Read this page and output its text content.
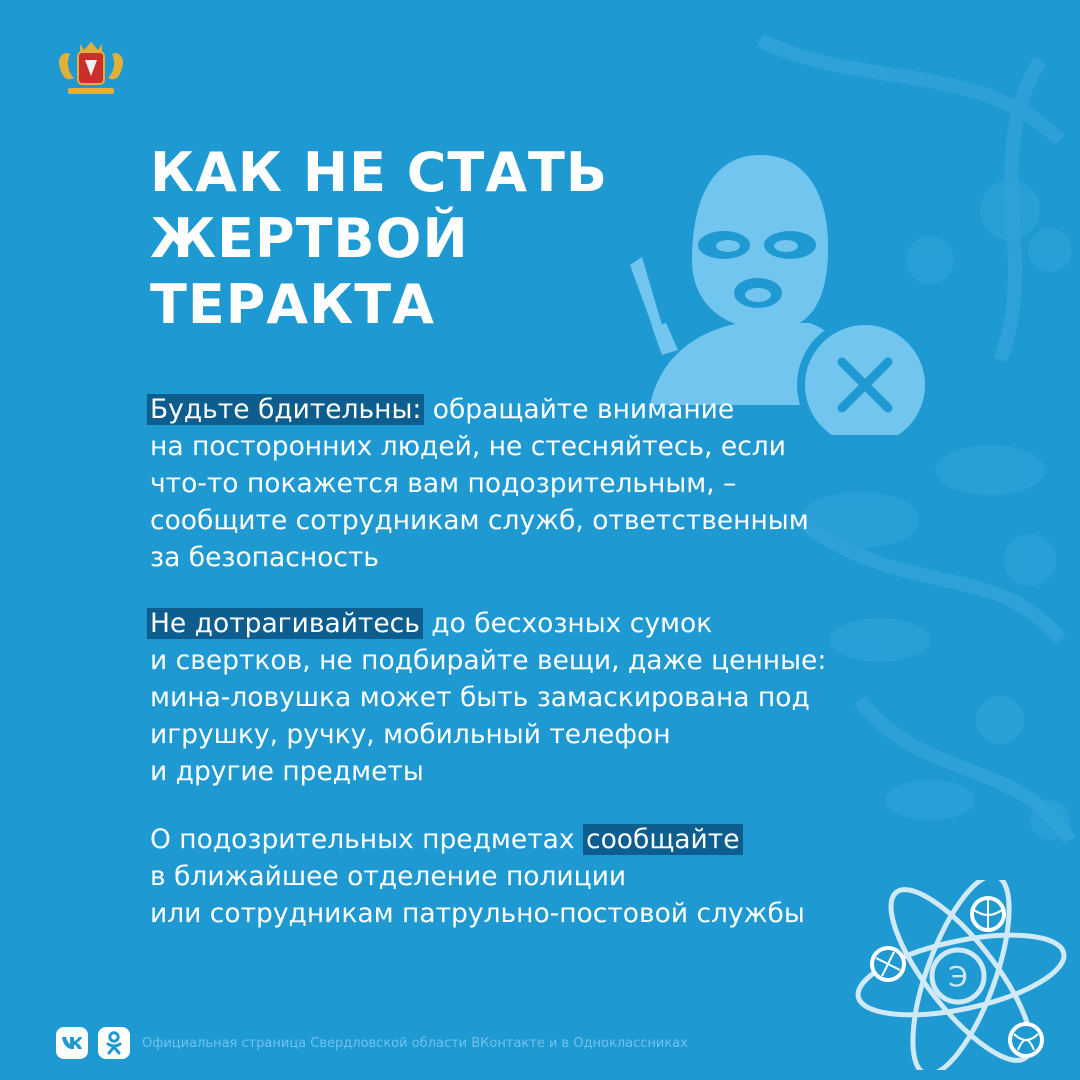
КАК НЕ СТАТЬ
ЖЕРТВОЙ
ТЕРАКТА

Будьте бдительны: обращайте внимание
на посторонних людей, не стесняйтесь, если
что-то покажется вам подозрительным, –
сообщите сотрудникам служб, ответственным
за безопасность

Не дотрагивайтесь до бесхозных сумок
и свертков, не подбирайте вещи, даже ценные:
мина-ловушка может быть замаскирована под
игрушку, ручку, мобильный телефон
и другие предметы

О подозрительных предметах сообщайте
в ближайшее отделение полиции
или сотрудникам патрульно-постовой службы

Э
Официальная страница Свердловской области ВКонтакте и в Одноклассниках
